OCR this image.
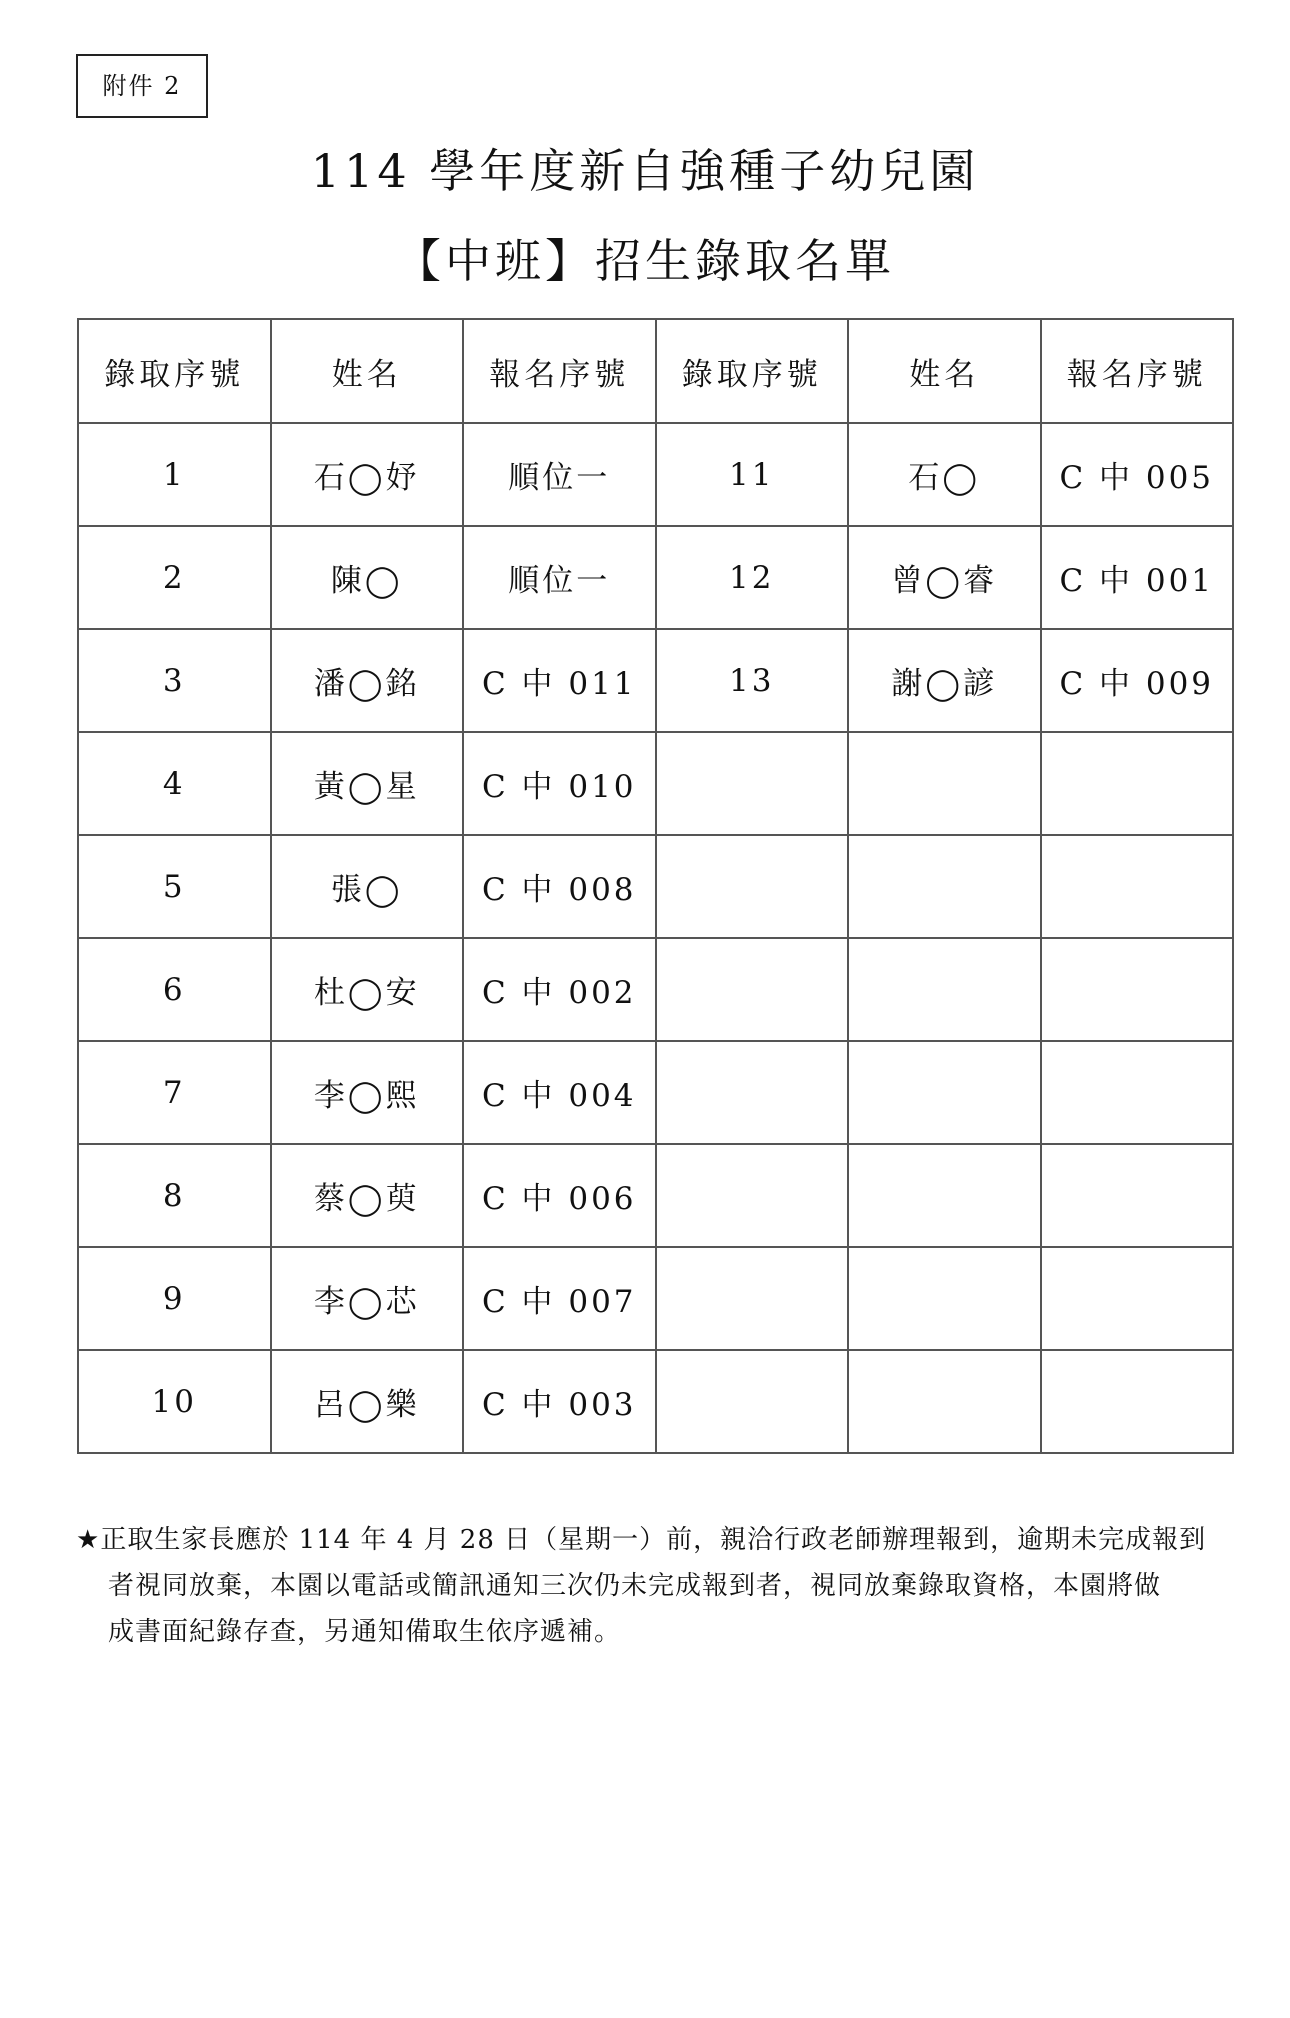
附件 2
114 學年度新自強種子幼兒園
【中班】招生錄取名單
錄取序號	姓名	報名序號	錄取序號	姓名	報名序號
1	石◯妤	順位一	11	石◯	C 中 005
2	陳◯	順位一	12	曾◯睿	C 中 001
3	潘◯銘	C 中 011	13	謝◯諺	C 中 009
4	黃◯星	C 中 010			
5	張◯	C 中 008			
6	杜◯安	C 中 002			
7	李◯熙	C 中 004			
8	蔡◯萸	C 中 006			
9	李◯芯	C 中 007			
10	呂◯樂	C 中 003			
★正取生家長應於 114 年 4 月 28 日（星期一）前，親洽行政老師辦理報到，逾期未完成報到
者視同放棄，本園以電話或簡訊通知三次仍未完成報到者，視同放棄錄取資格，本園將做
成書面紀錄存查，另通知備取生依序遞補。
